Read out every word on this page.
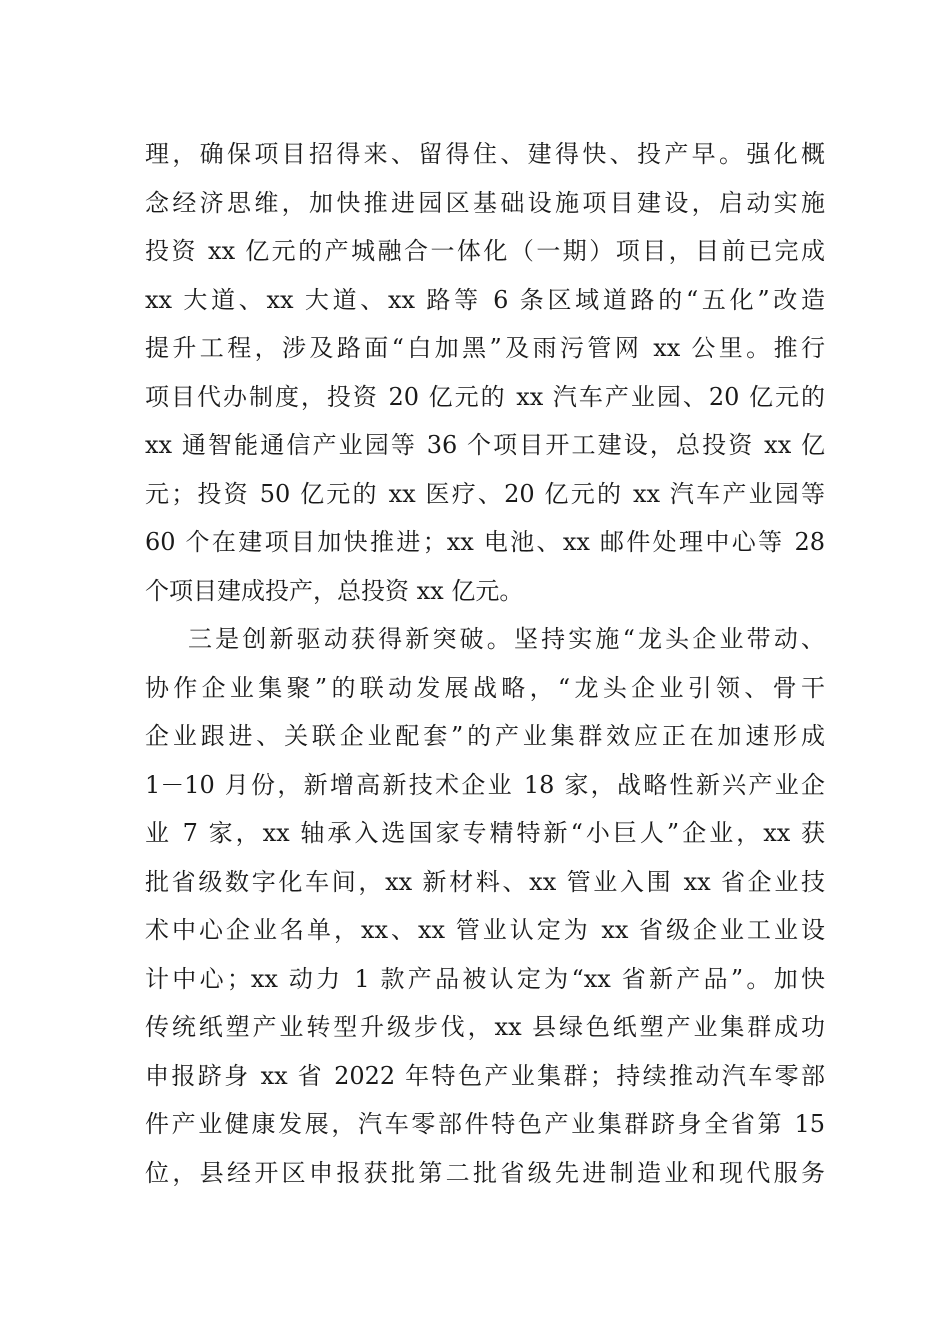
理，确保项目招得来、留得住、建得快、投产早。强化概
念经济思维，加快推进园区基础设施项目建设，启动实施
投资 xx 亿元的产城融合一体化（一期）项目，目前已完成
xx 大道、xx 大道、xx 路等 6 条区域道路的“五化”改造
提升工程，涉及路面“白加黑”及雨污管网 xx 公里。推行
项目代办制度，投资 20 亿元的 xx 汽车产业园、20 亿元的
xx 通智能通信产业园等 36 个项目开工建设，总投资 xx 亿
元；投资 50 亿元的 xx 医疗、20 亿元的 xx 汽车产业园等
60 个在建项目加快推进；xx 电池、xx 邮件处理中心等 28
个项目建成投产，总投资 xx 亿元。
三是创新驱动获得新突破。坚持实施“龙头企业带动、
协作企业集聚”的联动发展战略，“龙头企业引领、骨干
企业跟进、关联企业配套”的产业集群效应正在加速形成
1－10 月份，新增高新技术企业 18 家，战略性新兴产业企
业 7 家，xx 轴承入选国家专精特新“小巨人”企业，xx 获
批省级数字化车间，xx 新材料、xx 管业入围 xx 省企业技
术中心企业名单，xx、xx 管业认定为 xx 省级企业工业设
计中心；xx 动力 1 款产品被认定为“xx 省新产品”。加快
传统纸塑产业转型升级步伐，xx 县绿色纸塑产业集群成功
申报跻身 xx 省 2022 年特色产业集群；持续推动汽车零部
件产业健康发展，汽车零部件特色产业集群跻身全省第 15
位，县经开区申报获批第二批省级先进制造业和现代服务
